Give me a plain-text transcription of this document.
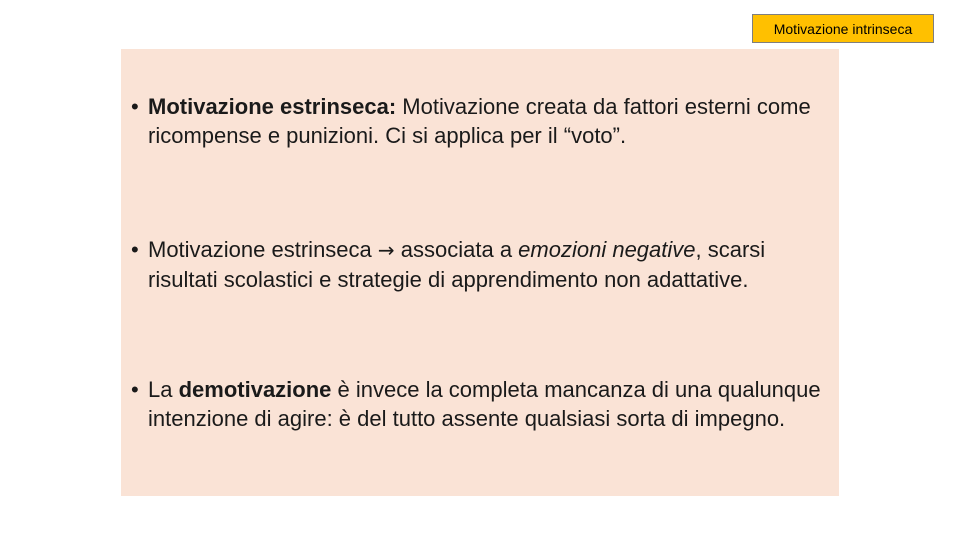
Motivazione intrinseca
• Motivazione estrinseca: Motivazione creata da fattori esterni come ricompense e punizioni. Ci si applica per il “voto”.
• Motivazione estrinseca → associata a emozioni negative, scarsi risultati scolastici e strategie di apprendimento non adattative.
• La demotivazione è invece la completa mancanza di una qualunque intenzione di agire: è del tutto assente qualsiasi sorta di impegno.
